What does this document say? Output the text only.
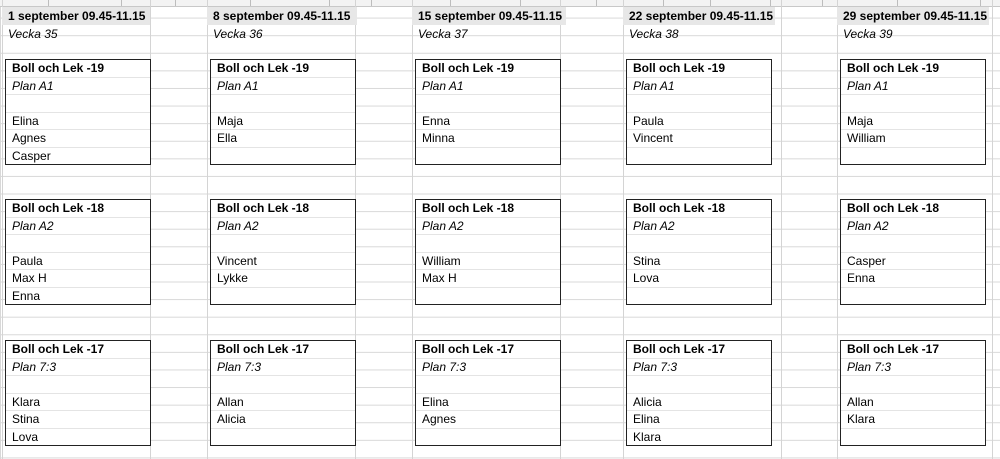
1 september 09.45-11.15
Vecka 35
Boll och Lek -19
Plan A1
Elina
Agnes
Casper
Boll och Lek -18
Plan A2
Paula
Max H
Enna
Boll och Lek -17
Plan 7:3
Klara
Stina
Lova
8 september 09.45-11.15
Vecka 36
Boll och Lek -19
Plan A1
Maja
Ella
Boll och Lek -18
Plan A2
Vincent
Lykke
Boll och Lek -17
Plan 7:3
Allan
Alicia
15 september 09.45-11.15
Vecka 37
Boll och Lek -19
Plan A1
Enna
Minna
Boll och Lek -18
Plan A2
William
Max H
Boll och Lek -17
Plan 7:3
Elina
Agnes
22 september 09.45-11.15
Vecka 38
Boll och Lek -19
Plan A1
Paula
Vincent
Boll och Lek -18
Plan A2
Stina
Lova
Boll och Lek -17
Plan 7:3
Alicia
Elina
Klara
29 september 09.45-11.15
Vecka 39
Boll och Lek -19
Plan A1
Maja
William
Boll och Lek -18
Plan A2
Casper
Enna
Boll och Lek -17
Plan 7:3
Allan
Klara
